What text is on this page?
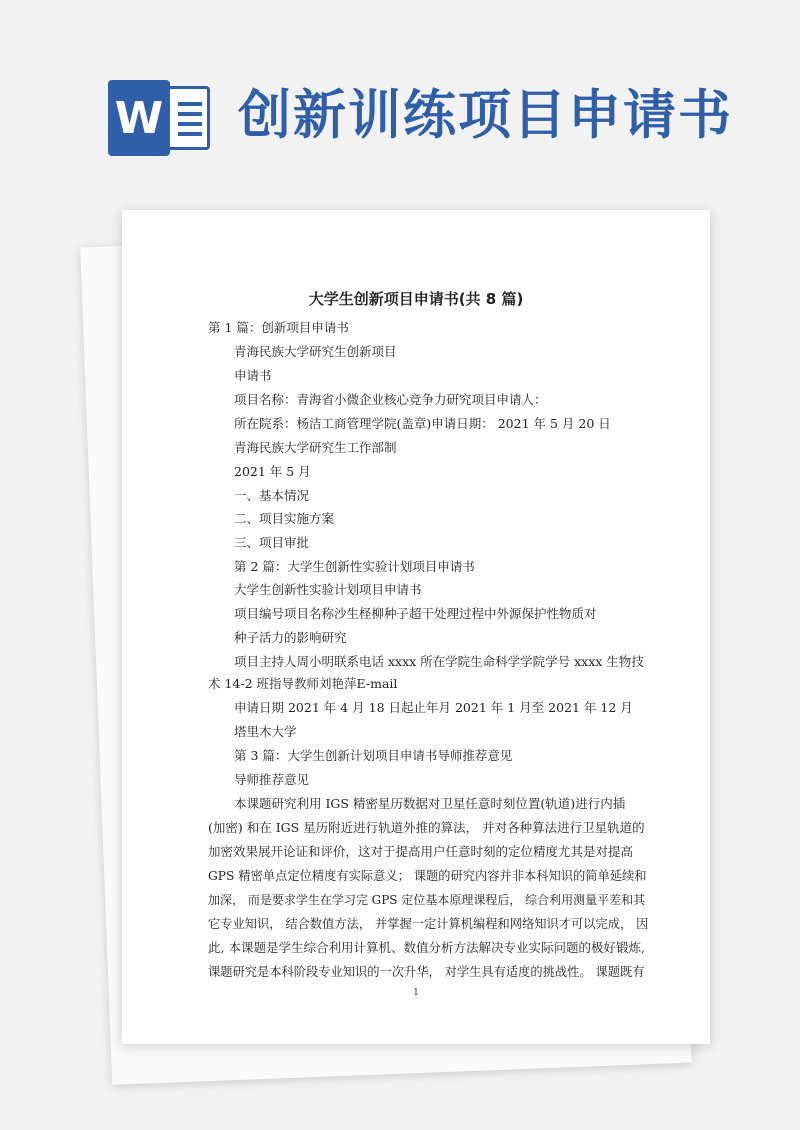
W 创新训练项目申请书
大学生创新项目申请书(共 8 篇)
第 1 篇：创新项目申请书
青海民族大学研究生创新项目
申请书
项目名称：青海省小微企业核心竞争力研究项目申请人：
所在院系：杨洁工商管理学院(盖章)申请日期： 2021 年 5 月 20 日
青海民族大学研究生工作部制
2021 年 5 月
一、基本情况
二、项目实施方案
三、项目审批
第 2 篇：大学生创新性实验计划项目申请书
大学生创新性实验计划项目申请书
项目编号项目名称沙生柽柳种子超干处理过程中外源保护性物质对
种子活力的影响研究
项目主持人周小明联系电话 xxxx 所在学院生命科学学院学号 xxxx 生物技
术 14-2 班指导教师刘艳萍E-mail
申请日期 2021 年 4 月 18 日起止年月 2021 年 1 月至 2021 年 12 月
塔里木大学
第 3 篇：大学生创新计划项目申请书导师推荐意见
导师推荐意见
本课题研究利用 IGS 精密星历数据对卫星任意时刻位置(轨道)进行内插
(加密) 和在 IGS 星历附近进行轨道外推的算法， 并对各种算法进行卫星轨道的
加密效果展开论证和评价，这对于提高用户任意时刻的定位精度尤其是对提高
GPS 精密单点定位精度有实际意义； 课题的研究内容并非本科知识的简单延续和
加深， 而是要求学生在学习完 GPS 定位基本原理课程后， 综合利用测量平差和其
它专业知识， 结合数值方法， 并掌握一定计算机编程和网络知识才可以完成， 因
此, 本课题是学生综合利用计算机、数值分析方法解决专业实际问题的极好锻炼,
课题研究是本科阶段专业知识的一次升华， 对学生具有适度的挑战性。 课题既有
1
